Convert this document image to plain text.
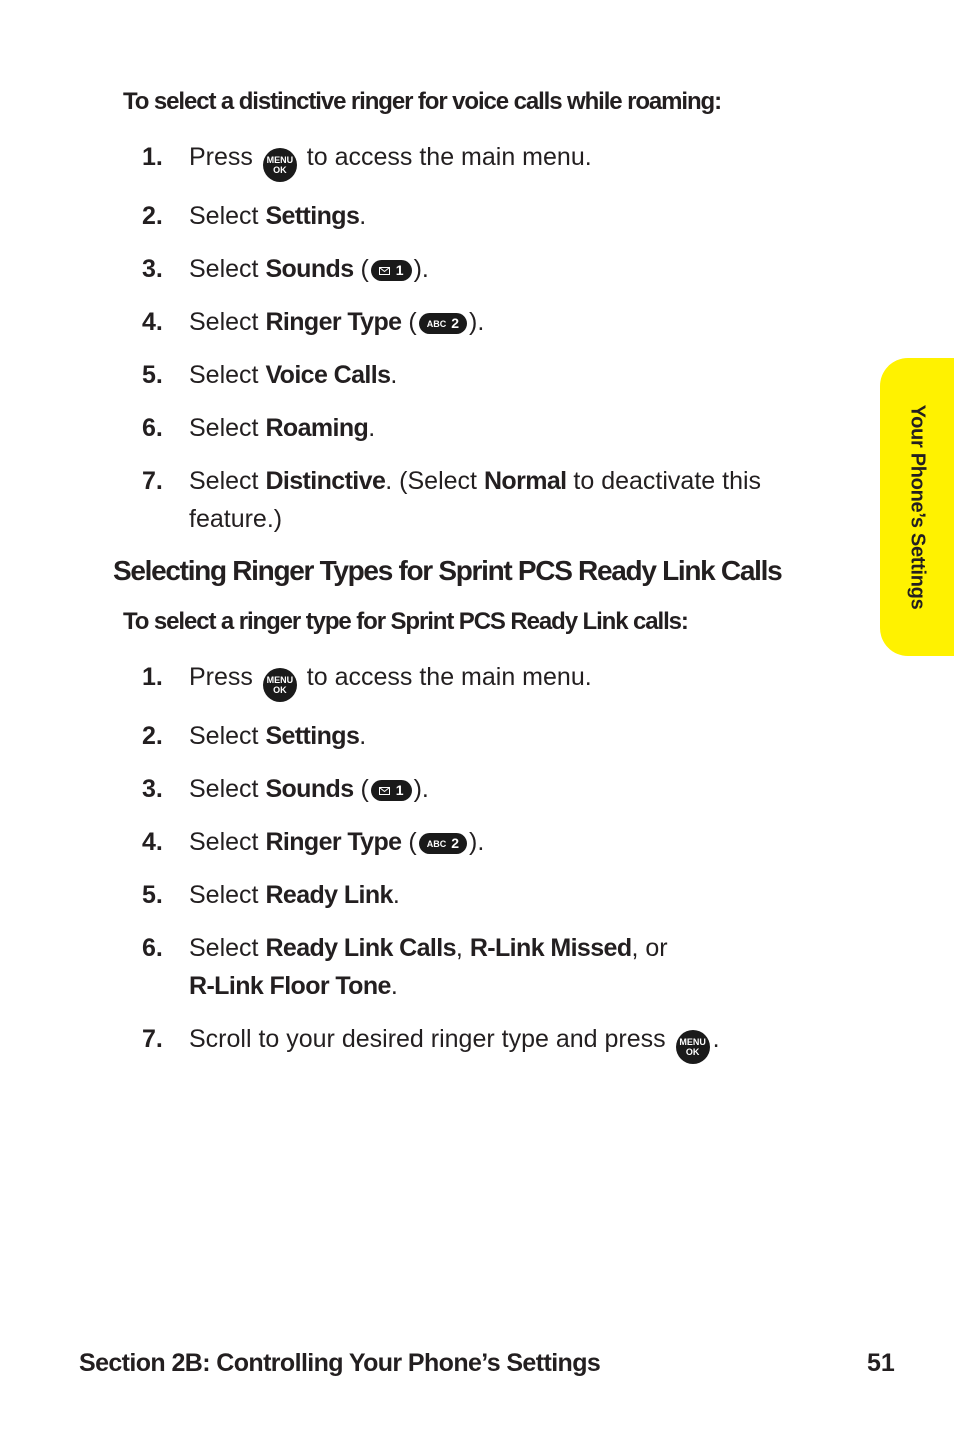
To select a distinctive ringer for voice calls while roaming:
1. Press MENU
OK to access the main menu.
2. Select Settings.
3. Select Sounds ( 1 ).
4. Select Ringer Type ( ABC 2 ).
5. Select Voice Calls.
6. Select Roaming.
7. Select Distinctive. (Select Normal to deactivate this feature.)
Selecting Ringer Types for Sprint PCS Ready Link Calls
To select a ringer type for Sprint PCS Ready Link calls:
1. Press MENU
OK to access the main menu.
2. Select Settings.
3. Select Sounds ( 1 ).
4. Select Ringer Type ( ABC 2 ).
5. Select Ready Link.
6. Select Ready Link Calls, R-Link Missed, or
R-Link Floor Tone.
7. Scroll to your desired ringer type and press MENU
OK .
Your Phone’s Settings
Section 2B: Controlling Your Phone’s Settings	51
